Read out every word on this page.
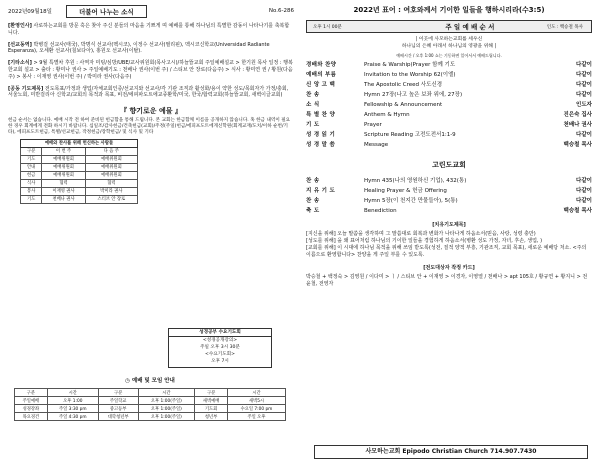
2022년09월18일	더불어 나누는 소식	No.6-286

[환영인사] 사로하는교회를 방문 혹은 찾아 주신 분들의 마음을 기쁘게 며 예배를 통해 하나님의 특별한 감동이 나타나기를 축복합니다.

[선교동역] 박병걸 선교사(태국), 박명식 선교사(멕시코), 이정수 선교사(필리핀), 멕시코신학교(Universidad Radiante Esperanza), 오세환 선교사(칠보다아), 홍원오 선교사(이탈).

[기타소식] > 9월 특별차 후원 : 사역자 미팅/심방/UBE/교사위원회(목사고시)/하늘뜰교회 주일예배설교 > 한기원 목사 일정 : 행복한교회 설교 > 출타 : 황미나 권사 > 주일예배기도 : 천배나 권사(이번 주) / 스티브 안 장로(다음주) > 식사 : 황미연 권 / 황원(다음주) > 봉사 : 이재영 권사(이번 주) / 박미라 권사(다음주)

[공동 기도제목] 전도목표/가정과 생업/자체교회인증/선교지와 선교사/각 기관 조직과 활성화/용이 약한 성도/목회자가 가정/충회, 서울노회, 미반걸리아 신학교/교회의 목적과 목표, 비전/에피파도트에교쥬환학/미국, 한국/합력교회(하늘뜰교회, 새벽이글교회)

『 향기로운 예물 』
헌금 순서는 없습니다. 예배 시작 전 하여 준비된 헌금함을 통해 드립니다. 본 교회는 한금함께 이름을 공개하지 않습니다. 혹 한금 내역이 필요한 경우 회계에게 전화 하시기 바랍니다. 십일조/감사헌금/건축헌금(교회)/주정(주일)헌금/에피프도트에게신학원(회계교재/도치/이하 순번/기타), 에피프도트헌금, 특별/선교헌금, 작정헌금/장학헌금/ 및 식사 및 기타
예배와 찬사를 위해 헌신하는 사람들		
구분	이 번 주	다 음 주
기도	예배위원회	예배위원회
안내	예배위원회	예배위원회
헌금	예배위원회	예배위원회
식사	협력	협력
봉사	이재영 권사	박미라 권사
기도	천배나 권사	스티브 안 장로
성경공부 수요기도회
<성경공개강의>
주일 오후 3시 30분
<수요기도회>
오후 7시
◷ 예배 및 모임 안내
구분	시간	구분	시간	구분	시간
주일예배	오후 1:00	주일학교	오후 1:00(주일)	새벽예배	새벽5시
성경강좌	주일 3:30 pm	중고등부	오후 1:00(주일)	기도회	수요일 7:00 pm
목요경건	주일 4:30 pm	대학청년부	오후 1:00(주일)	청년부	주일 오후
2022년 표어 : 여호와께서 기이한 일들을 행하시리라(수3:5)
오후 1시 00분	주 일 예 배 순 서	인도 : 백승철 목사
| 이곳에 사모하는교회를 세우신
하나님의 은혜 아래서 하나님의 영광을 위해 |
예배시간 / 오후 1:00 쇼는 기동하면 일어서서 예배드립니다.
경배와 찬양	Praise & Warship(Prayer 함께 기도	다같이
예배의 부름	Invitation to the Worship 62(이엘)	다같이
신 앙 고 백	The Apostolic Creed 사도신경	다같이
찬 송	Hymn 27장(나고 높은 보좌 위에, 27장)	다같이
소 식	Fellowship & Announcement	인도자
특 별 찬 양	Anthem & Hymn	진은숙 집사
기 도	Prayer	천배나 권사
성 경 읽 기	Scripture Reading 고전도전서1:1-9	다같이
성 경 말 씀	Message	백승철 목사
고린도교회
찬 송	Hymn 435(나의 영원하신 기업), 432(통)	다같이
지 유 기 도	Healing Prayer & 헌금 Offering	다같이
찬 송	Hymn 5장(이 천지간 만물들아), 5(통)	다같이
축 도	Benediction	백승철 목사
[치유기도제목]

[지신을 위해] 오늘 말씀을 생각하며 그 말씀대로 회복과 변화가 나타나게 하옵소서(믿음, 사랑, 성령 충만)

[성도를 위해] 을 왜 표어처럼 하나님의 기이한 일들을 경험하게 하옵소서(병환 성도 가정, 자녀, 후손, 생업, )

[교회를 위해] 이 시대에 하나님 목적을 위해 쓰임 받도록(성전, 질적 양적 부흥, 기관조직, 교회 목표), 새로운 예배당 처소. <주의 이름으로 환영합니다> 찬양을 게 주일 부를 수 있도록.

[전도대상자 작정 카드]

박승철 + 백정숙 > 김영원 / 이다미 > ㅣ / 스티브 안 + 이재영 > 이경자, 이영열 / 천배나 > apt 105호 / 황규연 + 황지니 > 전윤철, 전영자

사모하는교회 Epipodo Christian Church 714.907.7430
